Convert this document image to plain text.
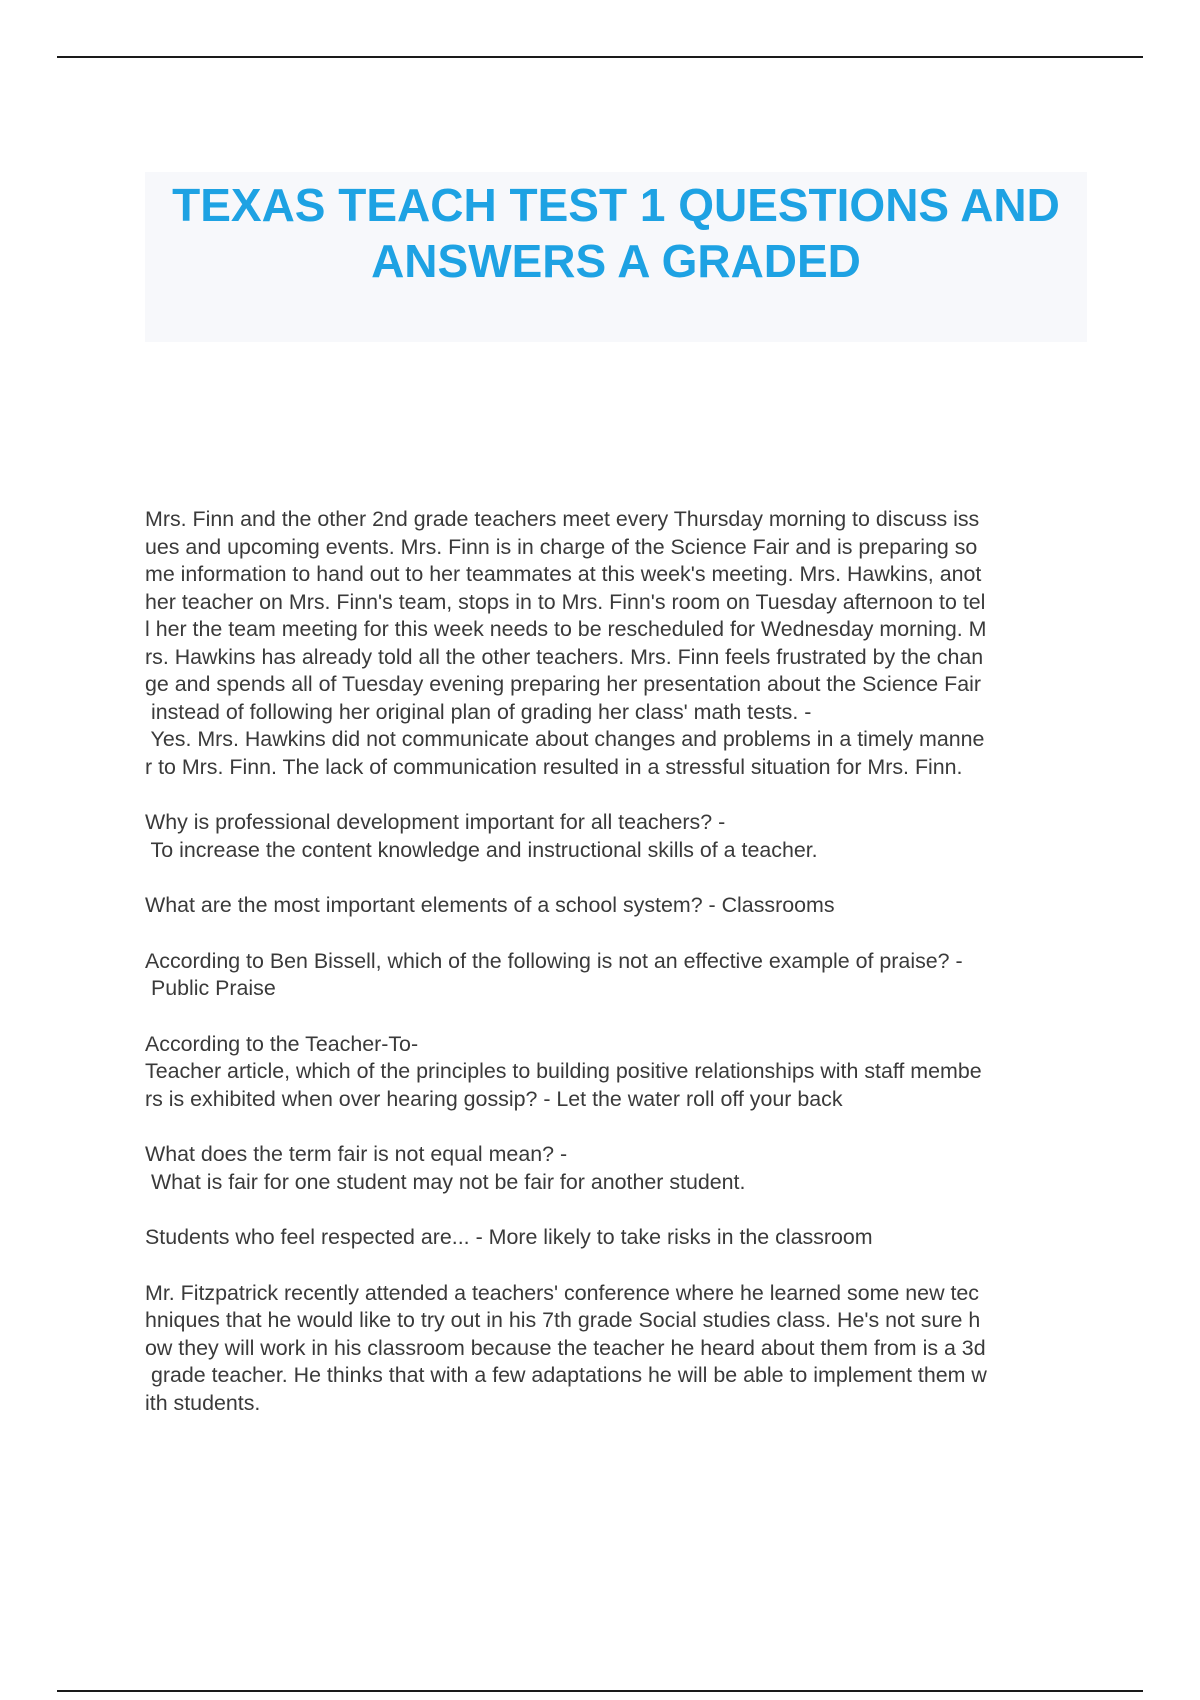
TEXAS TEACH TEST 1 QUESTIONS AND
ANSWERS A GRADED

Mrs. Finn and the other 2nd grade teachers meet every Thursday morning to discuss iss
ues and upcoming events. Mrs. Finn is in charge of the Science Fair and is preparing so
me information to hand out to her teammates at this week's meeting. Mrs. Hawkins, anot
her teacher on Mrs. Finn's team, stops in to Mrs. Finn's room on Tuesday afternoon to tel
l her the team meeting for this week needs to be rescheduled for Wednesday morning. M
rs. Hawkins has already told all the other teachers. Mrs. Finn feels frustrated by the chan
ge and spends all of Tuesday evening preparing her presentation about the Science Fair
instead of following her original plan of grading her class' math tests. -
Yes. Mrs. Hawkins did not communicate about changes and problems in a timely manne
r to Mrs. Finn. The lack of communication resulted in a stressful situation for Mrs. Finn.

Why is professional development important for all teachers? -
To increase the content knowledge and instructional skills of a teacher.

What are the most important elements of a school system? - Classrooms

According to Ben Bissell, which of the following is not an effective example of praise? -
Public Praise

According to the Teacher-To-
Teacher article, which of the principles to building positive relationships with staff membe
rs is exhibited when over hearing gossip? - Let the water roll off your back

What does the term fair is not equal mean? -
What is fair for one student may not be fair for another student.

Students who feel respected are... - More likely to take risks in the classroom

Mr. Fitzpatrick recently attended a teachers' conference where he learned some new tec
hniques that he would like to try out in his 7th grade Social studies class. He's not sure h
ow they will work in his classroom because the teacher he heard about them from is a 3d
grade teacher. He thinks that with a few adaptations he will be able to implement them w
ith students.
